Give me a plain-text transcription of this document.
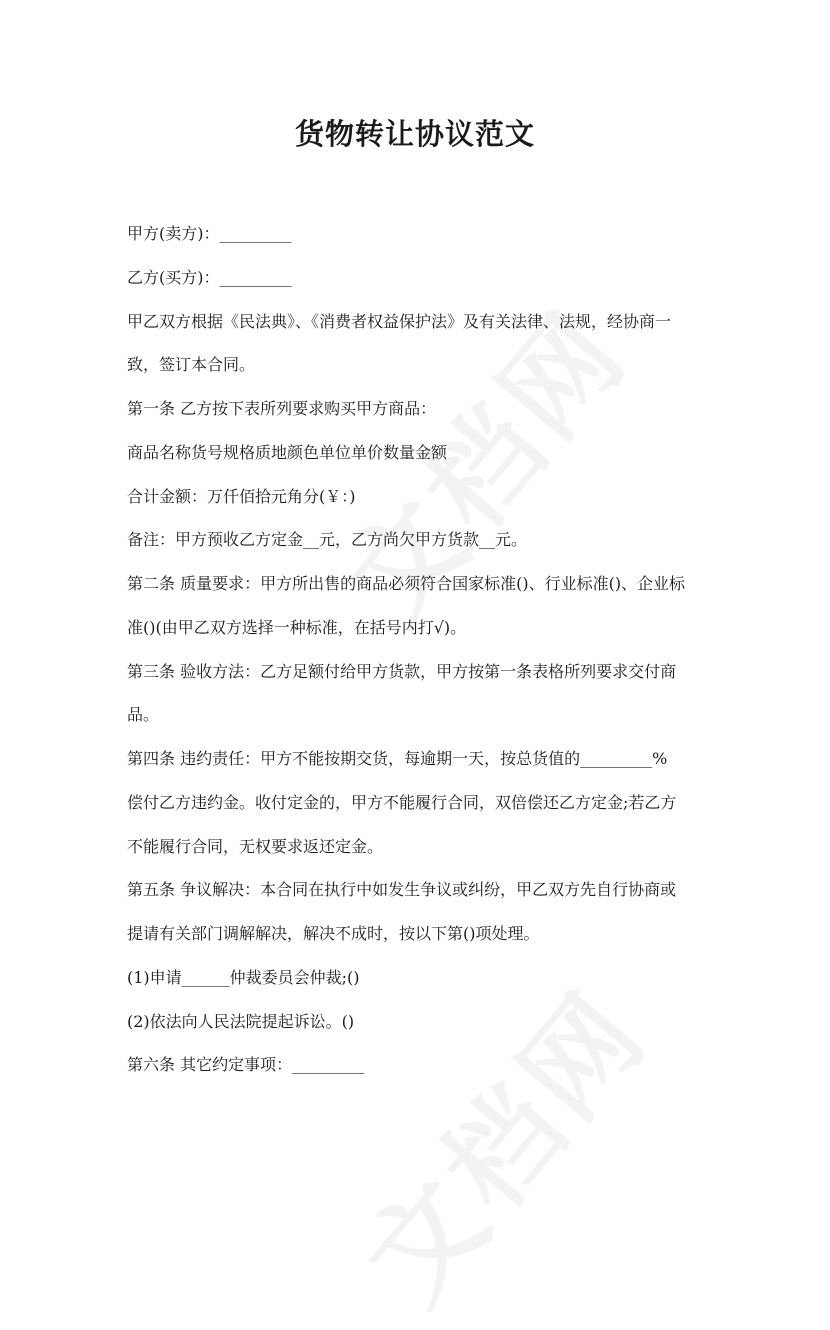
货物转让协议范文

甲方(卖方)：_________

乙方(买方)：_________

甲乙双方根据《民法典》、《消费者权益保护法》及有关法律、法规，经协商一

致，签订本合同。

第一条 乙方按下表所列要求购买甲方商品：

商品名称货号规格质地颜色单位单价数量金额

合计金额：万仟佰拾元角分(￥：)

备注：甲方预收乙方定金__元，乙方尚欠甲方货款__元。

第二条 质量要求：甲方所出售的商品必须符合国家标准()、行业标准()、企业标

准()(由甲乙双方选择一种标准，在括号内打√)。

第三条 验收方法：乙方足额付给甲方货款，甲方按第一条表格所列要求交付商

品。

第四条 违约责任：甲方不能按期交货，每逾期一天，按总货值的_________%

偿付乙方违约金。收付定金的，甲方不能履行合同，双倍偿还乙方定金;若乙方

不能履行合同，无权要求返还定金。

第五条 争议解决：本合同在执行中如发生争议或纠纷，甲乙双方先自行协商或

提请有关部门调解解决，解决不成时，按以下第()项处理。

(1)申请______仲裁委员会仲裁;()

(2)依法向人民法院提起诉讼。()

第六条 其它约定事项：_________
